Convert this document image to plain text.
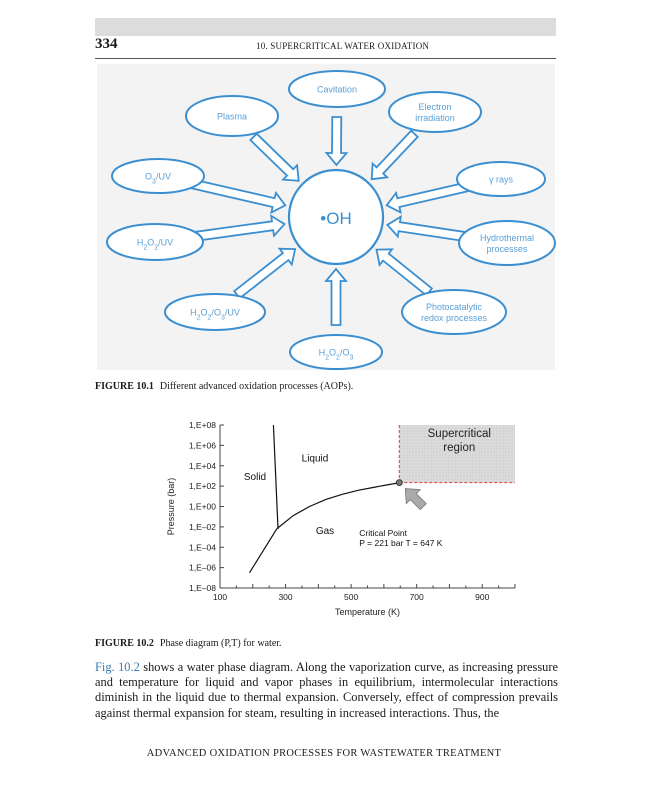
334	10. SUPERCRITICAL WATER OXIDATION
Cavitation
Electron
irradiation
Plasma
$O_3/UV$	γ rays
$H_2O_2/UV$	Hydrothermal
processes
$H_2O_2/O_3/UV$
Photocatalytic
redox processes
$H_2O_2/O_3$
•OH
FIGURE 10.1 Different advanced oxidation processes (AOPs).
1,E+08
1,E+06
1,E+04
1,E+02
1,E+00
1,E–02
1,E–04
1,E–06
1,E–08
100	300	500	700	900
Temperature (K)
Pressure (bar)
Solid
Liquid
Gas
Supercritical
region
Critical Point
P = 221 bar T = 647 K
FIGURE 10.2 Phase diagram (P,T) for water.
Fig. 10.2 shows a water phase diagram. Along the vaporization curve, as increasing pressure and temperature for liquid and vapor phases in equilibrium, intermolecular interactions diminish in the liquid due to thermal expansion. Conversely, effect of compression prevails against thermal expansion for steam, resulting in increased interactions. Thus, the
ADVANCED OXIDATION PROCESSES FOR WASTEWATER TREATMENT
